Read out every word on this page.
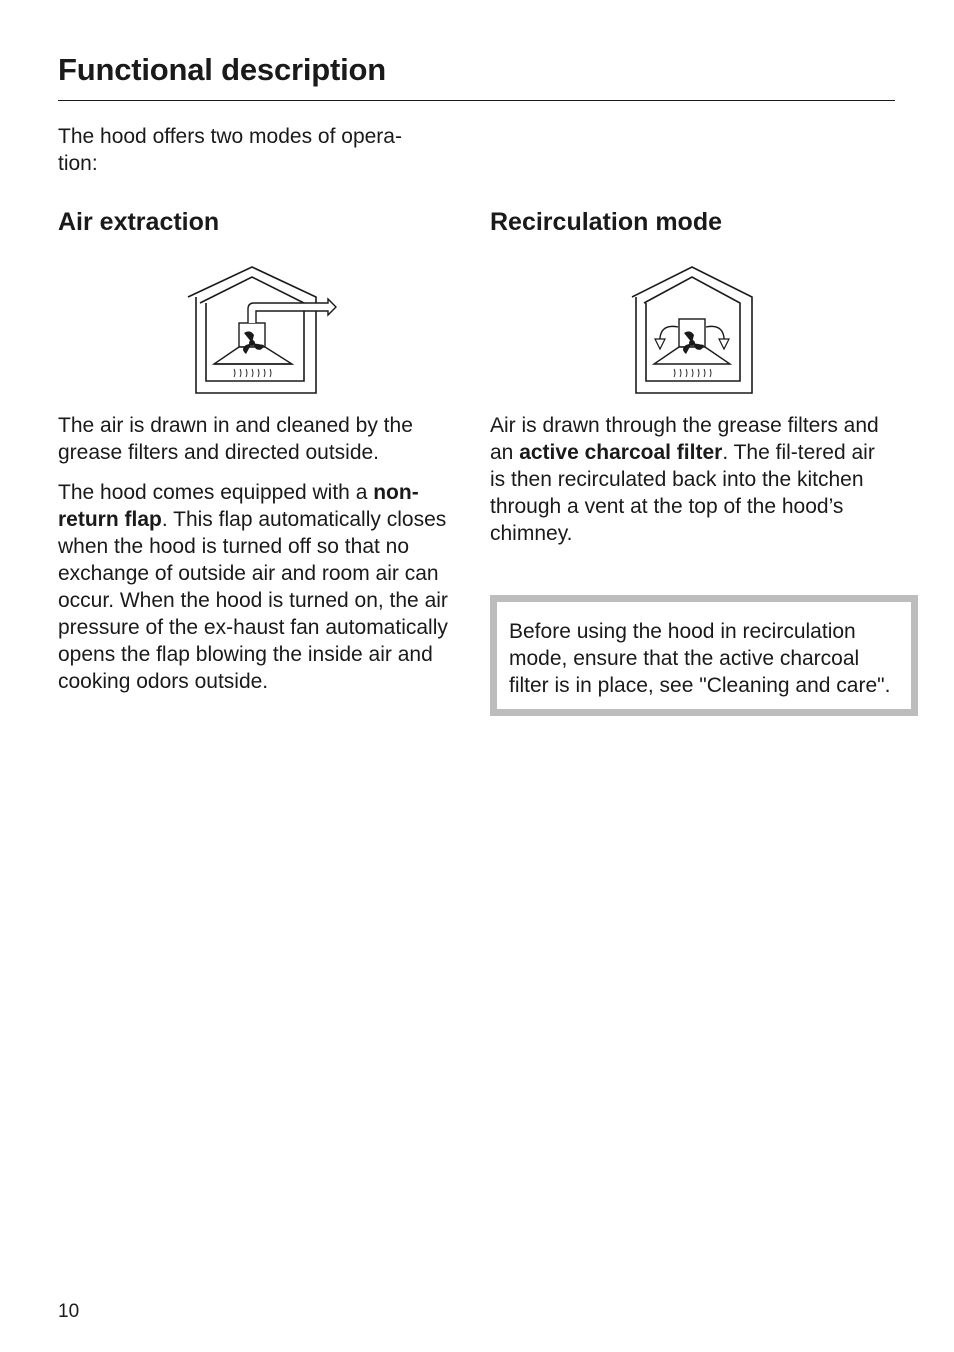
Functional description

The hood offers two modes of opera-
tion:

Air extraction

The air is drawn in and cleaned by the grease filters and directed outside.

The hood comes equipped with a non-return flap. This flap automatically closes when the hood is turned off so that no exchange of outside air and room air can occur. When the hood is turned on, the air pressure of the ex-haust fan automatically opens the flap blowing the inside air and cooking odors outside.

Recirculation mode

Air is drawn through the grease filters and an active charcoal filter. The fil-tered air is then recirculated back into the kitchen through a vent at the top of the hood’s chimney.

Before using the hood in recirculation mode, ensure that the active charcoal filter is in place, see "Cleaning and care".
10
